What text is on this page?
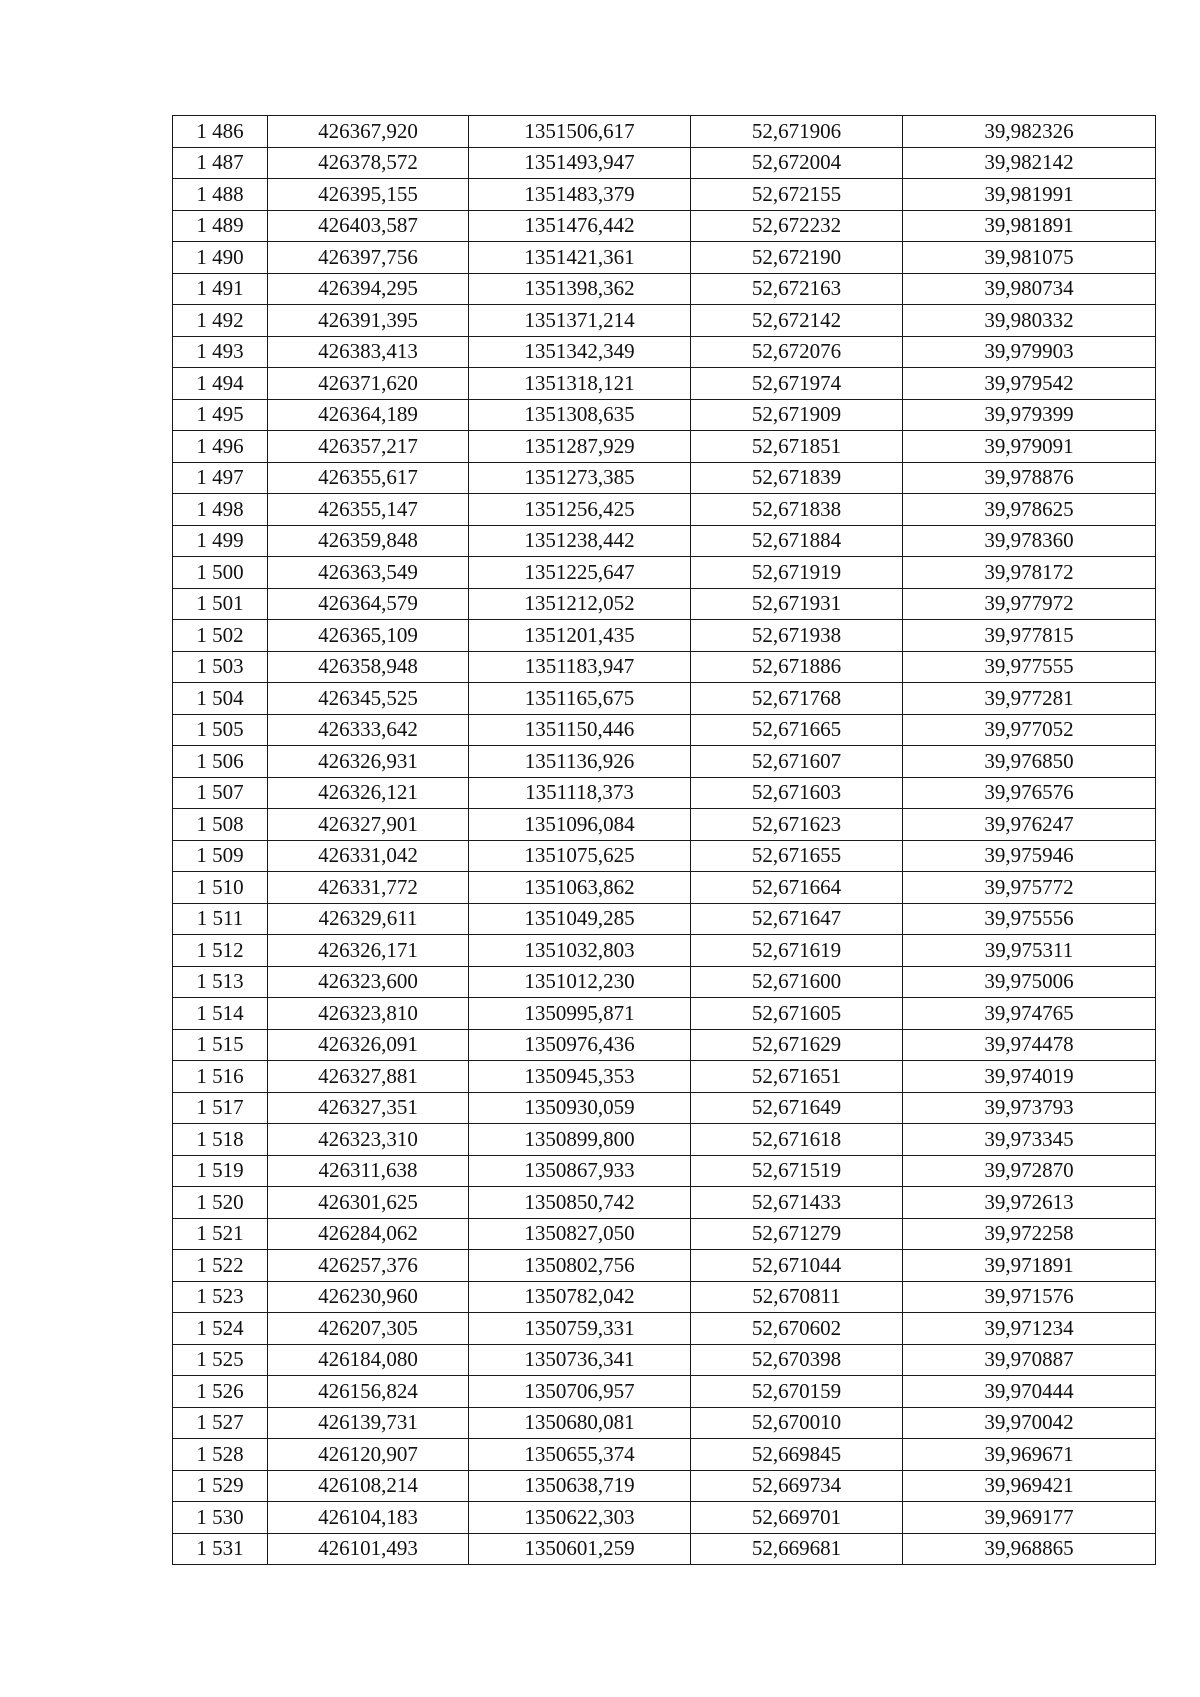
1 486	426367,920	1351506,617	52,671906	39,982326
1 487	426378,572	1351493,947	52,672004	39,982142
1 488	426395,155	1351483,379	52,672155	39,981991
1 489	426403,587	1351476,442	52,672232	39,981891
1 490	426397,756	1351421,361	52,672190	39,981075
1 491	426394,295	1351398,362	52,672163	39,980734
1 492	426391,395	1351371,214	52,672142	39,980332
1 493	426383,413	1351342,349	52,672076	39,979903
1 494	426371,620	1351318,121	52,671974	39,979542
1 495	426364,189	1351308,635	52,671909	39,979399
1 496	426357,217	1351287,929	52,671851	39,979091
1 497	426355,617	1351273,385	52,671839	39,978876
1 498	426355,147	1351256,425	52,671838	39,978625
1 499	426359,848	1351238,442	52,671884	39,978360
1 500	426363,549	1351225,647	52,671919	39,978172
1 501	426364,579	1351212,052	52,671931	39,977972
1 502	426365,109	1351201,435	52,671938	39,977815
1 503	426358,948	1351183,947	52,671886	39,977555
1 504	426345,525	1351165,675	52,671768	39,977281
1 505	426333,642	1351150,446	52,671665	39,977052
1 506	426326,931	1351136,926	52,671607	39,976850
1 507	426326,121	1351118,373	52,671603	39,976576
1 508	426327,901	1351096,084	52,671623	39,976247
1 509	426331,042	1351075,625	52,671655	39,975946
1 510	426331,772	1351063,862	52,671664	39,975772
1 511	426329,611	1351049,285	52,671647	39,975556
1 512	426326,171	1351032,803	52,671619	39,975311
1 513	426323,600	1351012,230	52,671600	39,975006
1 514	426323,810	1350995,871	52,671605	39,974765
1 515	426326,091	1350976,436	52,671629	39,974478
1 516	426327,881	1350945,353	52,671651	39,974019
1 517	426327,351	1350930,059	52,671649	39,973793
1 518	426323,310	1350899,800	52,671618	39,973345
1 519	426311,638	1350867,933	52,671519	39,972870
1 520	426301,625	1350850,742	52,671433	39,972613
1 521	426284,062	1350827,050	52,671279	39,972258
1 522	426257,376	1350802,756	52,671044	39,971891
1 523	426230,960	1350782,042	52,670811	39,971576
1 524	426207,305	1350759,331	52,670602	39,971234
1 525	426184,080	1350736,341	52,670398	39,970887
1 526	426156,824	1350706,957	52,670159	39,970444
1 527	426139,731	1350680,081	52,670010	39,970042
1 528	426120,907	1350655,374	52,669845	39,969671
1 529	426108,214	1350638,719	52,669734	39,969421
1 530	426104,183	1350622,303	52,669701	39,969177
1 531	426101,493	1350601,259	52,669681	39,968865
